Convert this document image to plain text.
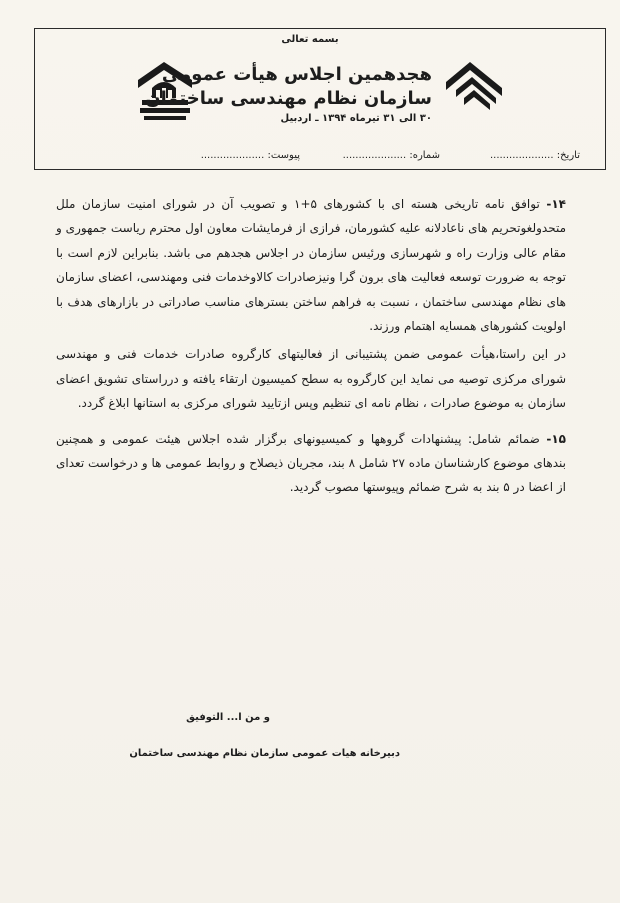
بسمه تعالی
هجدهمین اجلاس هیأت عمومی
سازمان نظام مهندسی ساختمان
۳۰ الی ۳۱ تیرماه ۱۳۹۴ ـ اردبیل
تاریخ: ....................
شماره: ....................
پیوست: ....................

۱۴- توافق نامه تاریخی هسته ای با کشورهای ۵+۱ و تصویب آن در شورای امنیت سازمان ملل متحدولغوتحریم های ناعادلانه علیه کشورمان، فرازی از فرمایشات معاون اول محترم ریاست جمهوری و مقام عالی وزارت راه و شهرسازی ورئیس سازمان در اجلاس هجدهم می باشد. بنابراین لازم است با توجه به ضرورت توسعه فعالیت های برون گرا ونیزصادرات کالاوخدمات فنی ومهندسی، اعضای سازمان های نظام مهندسی ساختمان ، نسبت به فراهم ساختن بسترهای مناسب صادراتی در بازارهای هدف با اولویت کشورهای همسایه اهتمام ورزند.

در این راستا،هیأت عمومی ضمن پشتیبانی از فعالیتهای کارگروه صادرات خدمات فنی و مهندسی شورای مرکزی توصیه می نماید این کارگروه به سطح کمیسیون ارتقاء یافته و درراستای تشویق اعضای سازمان به موضوع صادرات ، نظام نامه ای تنظیم وپس ازتایید شورای مرکزی به استانها ابلاغ گردد.

۱۵- ضمائم شامل: پیشنهادات گروهها و کمیسیونهای برگزار شده اجلاس هیئت عمومی و همچنین بندهای موضوع کارشناسان ماده ۲۷ شامل ۸ بند، مجریان ذیصلاح و روابط عمومی ها و درخواست تعدای از اعضا در ۵ بند به شرح ضمائم وپیوستها مصوب گردید.

و من ا... التوفیق
دبیرخانه هیات عمومی سازمان نظام مهندسی ساختمان
